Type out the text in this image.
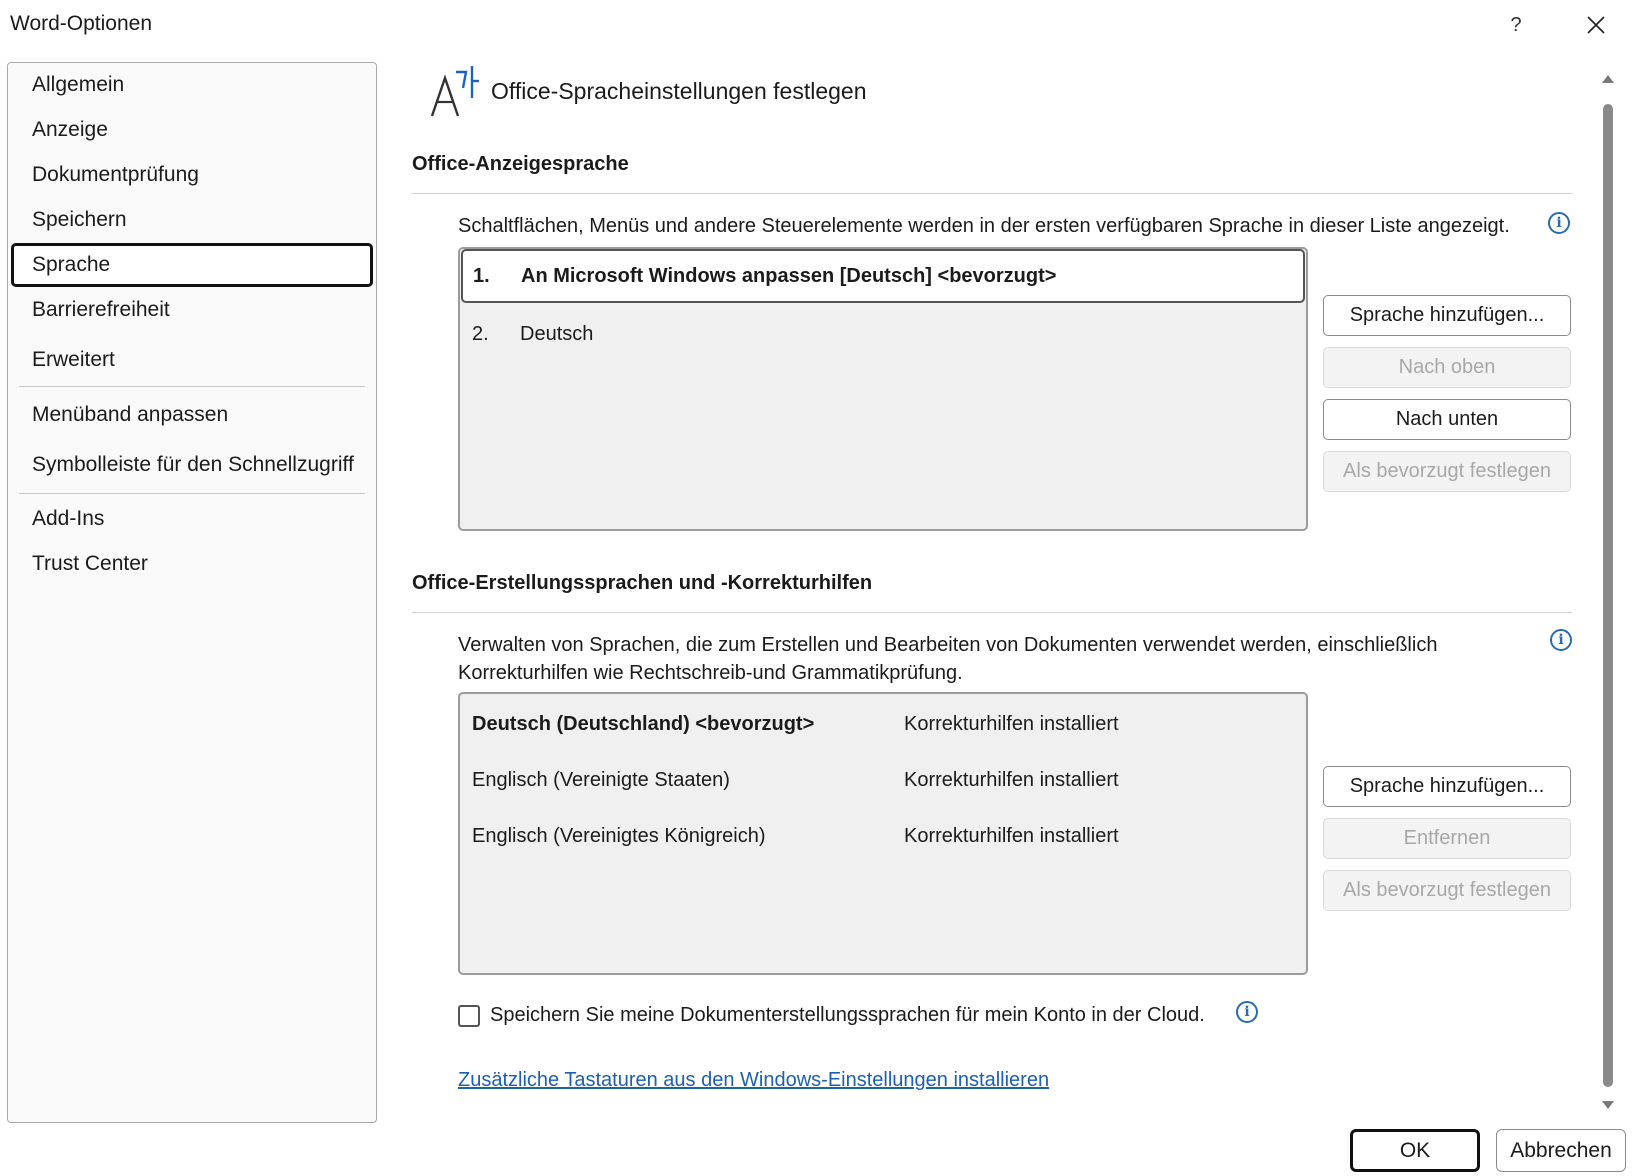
Word-Optionen	?
Allgemein
Anzeige
Dokumentprüfung
Speichern
Sprache
Barrierefreiheit
Erweitert
Menüband anpassen
Symbolleiste für den Schnellzugriff
Add-Ins
Trust Center
Office-Spracheinstellungen festlegen
Office-Anzeigesprache
Schaltflächen, Menüs und andere Steuerelemente werden in der ersten verfügbaren Sprache in dieser Liste angezeigt.	i
1.	An Microsoft Windows anpassen [Deutsch] <bevorzugt>
2.	Deutsch
Sprache hinzufügen...
Nach oben
Nach unten
Als bevorzugt festlegen
Office-Erstellungssprachen und -Korrekturhilfen
Verwalten von Sprachen, die zum Erstellen und Bearbeiten von Dokumenten verwendet werden, einschließlich
Korrekturhilfen wie Rechtschreib-und Grammatikprüfung.
i
Deutsch (Deutschland) <bevorzugt>	Korrekturhilfen installiert
Englisch (Vereinigte Staaten)	Korrekturhilfen installiert
Englisch (Vereinigtes Königreich)	Korrekturhilfen installiert
Sprache hinzufügen...
Entfernen
Als bevorzugt festlegen
Speichern Sie meine Dokumenterstellungssprachen für mein Konto in der Cloud.	i
Zusätzliche Tastaturen aus den Windows-Einstellungen installieren
OK	Abbrechen
